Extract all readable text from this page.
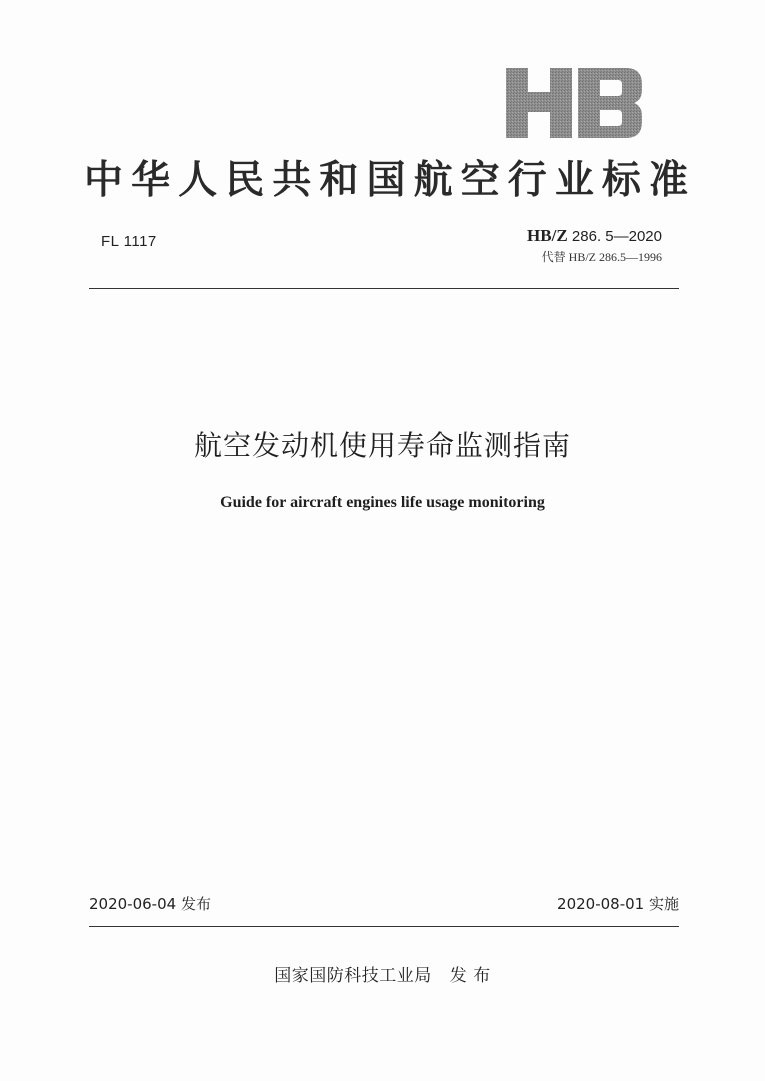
中华人民共和国航空行业标准
FL 1117	HB/Z 286. 5—2020
代替 HB/Z 286.5—1996
航空发动机使用寿命监测指南
Guide for aircraft engines life usage monitoring
2020-06-04 发布	2020-08-01 实施
国家国防科技工业局 发 布
